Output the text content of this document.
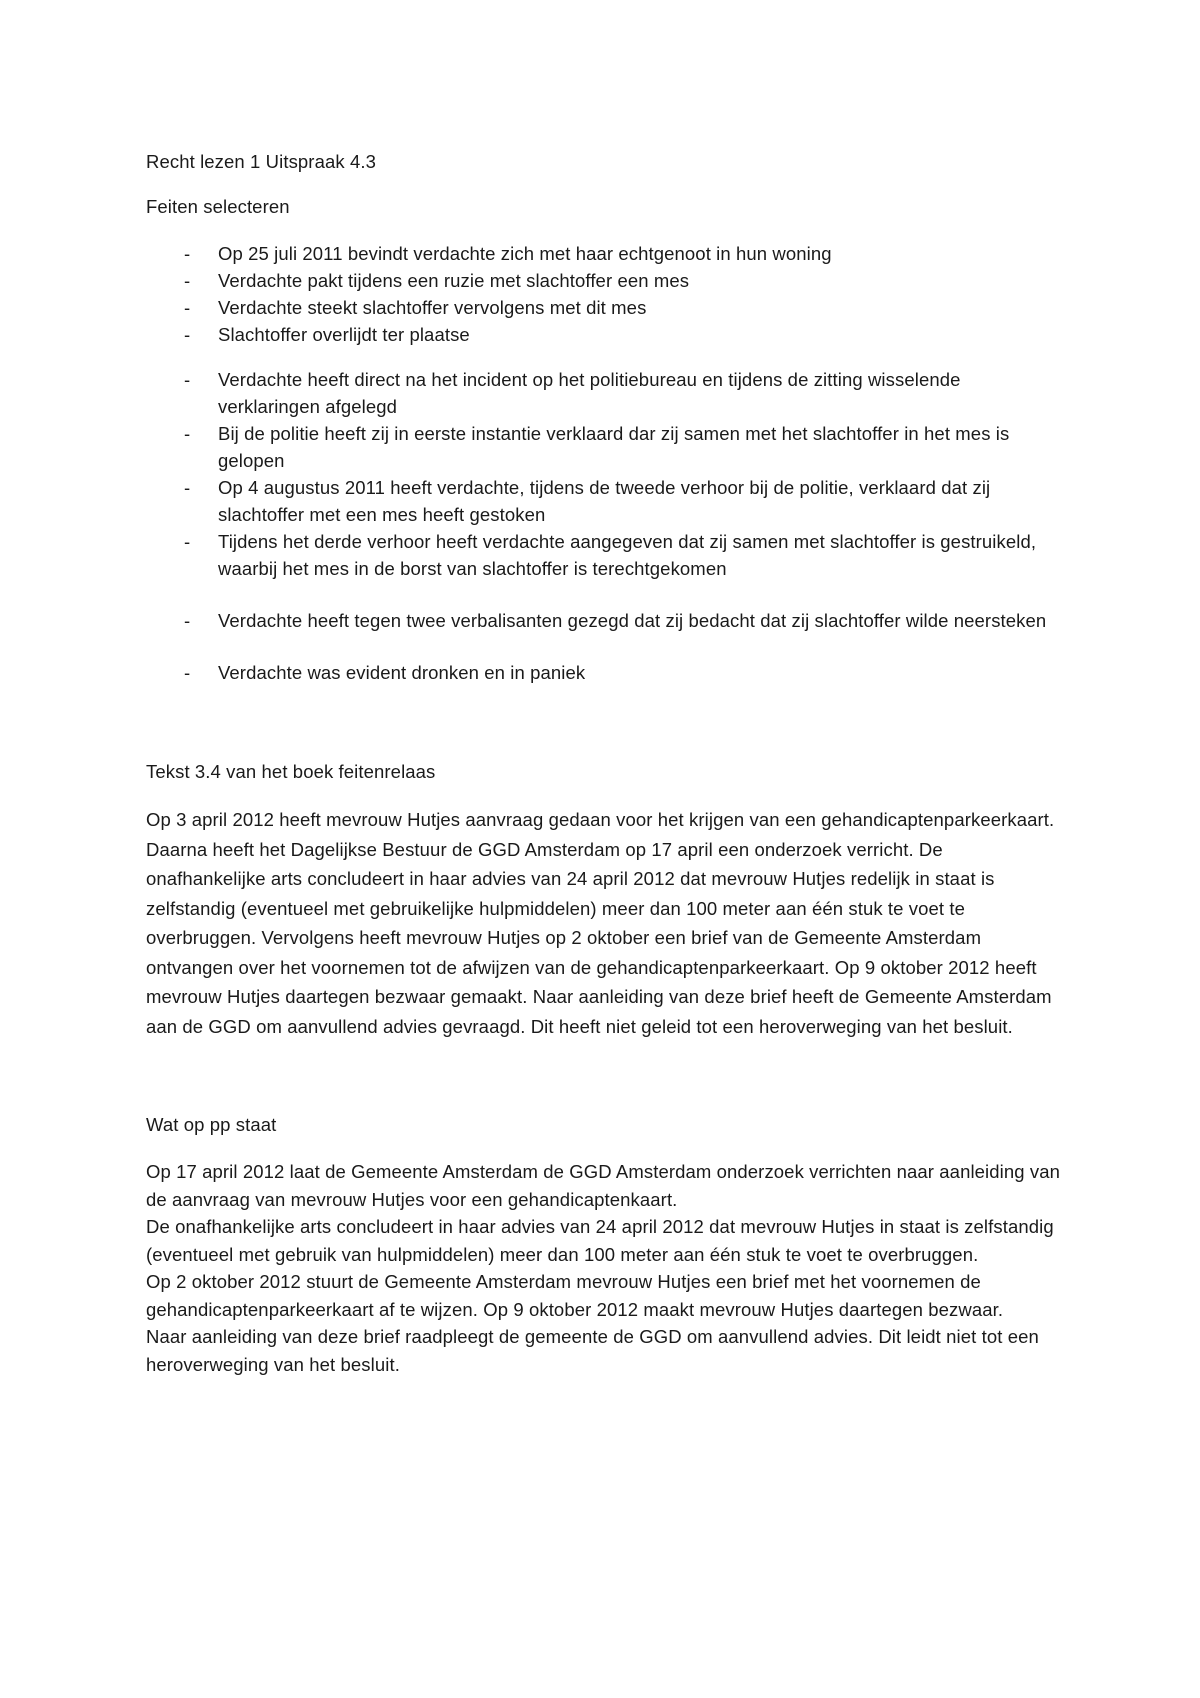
Recht lezen 1 Uitspraak 4.3

Feiten selecteren

- Op 25 juli 2011 bevindt verdachte zich met haar echtgenoot in hun woning
- Verdachte pakt tijdens een ruzie met slachtoffer een mes
- Verdachte steekt slachtoffer vervolgens met dit mes
- Slachtoffer overlijdt ter plaatse
- Verdachte heeft direct na het incident op het politiebureau en tijdens de zitting wisselende verklaringen afgelegd
- Bij de politie heeft zij in eerste instantie verklaard dar zij samen met het slachtoffer in het mes is gelopen
- Op 4 augustus 2011 heeft verdachte, tijdens de tweede verhoor bij de politie, verklaard dat zij slachtoffer met een mes heeft gestoken
- Tijdens het derde verhoor heeft verdachte aangegeven dat zij samen met slachtoffer is gestruikeld, waarbij het mes in de borst van slachtoffer is terechtgekomen
- Verdachte heeft tegen twee verbalisanten gezegd dat zij bedacht dat zij slachtoffer wilde neersteken
- Verdachte was evident dronken en in paniek

Tekst 3.4 van het boek feitenrelaas

Op 3 april 2012 heeft mevrouw Hutjes aanvraag gedaan voor het krijgen van een gehandicaptenparkeerkaart. Daarna heeft het Dagelijkse Bestuur de GGD Amsterdam op 17 april een onderzoek verricht. De onafhankelijke arts concludeert in haar advies van 24 april 2012 dat mevrouw Hutjes redelijk in staat is zelfstandig (eventueel met gebruikelijke hulpmiddelen) meer dan 100 meter aan één stuk te voet te overbruggen. Vervolgens heeft mevrouw Hutjes op 2 oktober een brief van de Gemeente Amsterdam ontvangen over het voornemen tot de afwijzen van de gehandicaptenparkeerkaart. Op 9 oktober 2012 heeft mevrouw Hutjes daartegen bezwaar gemaakt. Naar aanleiding van deze brief heeft de Gemeente Amsterdam aan de GGD om aanvullend advies gevraagd. Dit heeft niet geleid tot een heroverweging van het besluit.

Wat op pp staat

Op 17 april 2012 laat de Gemeente Amsterdam de GGD Amsterdam onderzoek verrichten naar aanleiding van de aanvraag van mevrouw Hutjes voor een gehandicaptenkaart.
De onafhankelijke arts concludeert in haar advies van 24 april 2012 dat mevrouw Hutjes in staat is zelfstandig (eventueel met gebruik van hulpmiddelen) meer dan 100 meter aan één stuk te voet te overbruggen.
Op 2 oktober 2012 stuurt de Gemeente Amsterdam mevrouw Hutjes een brief met het voornemen de gehandicaptenparkeerkaart af te wijzen. Op 9 oktober 2012 maakt mevrouw Hutjes daartegen bezwaar.
Naar aanleiding van deze brief raadpleegt de gemeente de GGD om aanvullend advies. Dit leidt niet tot een heroverweging van het besluit.
